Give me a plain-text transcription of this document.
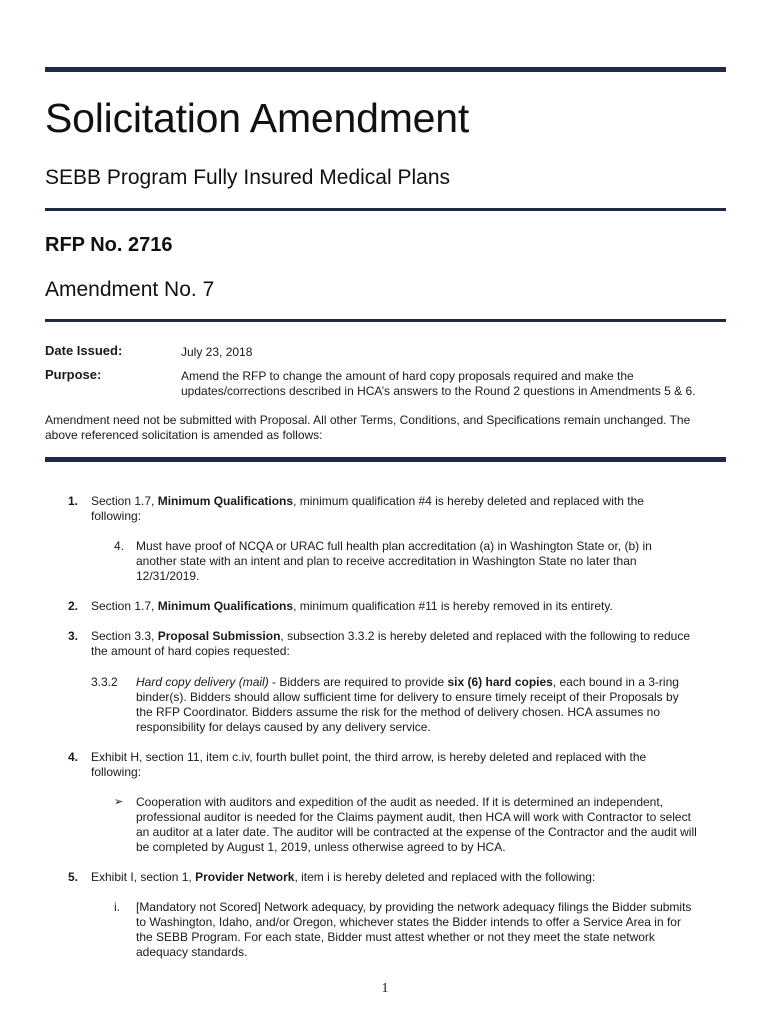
Solicitation Amendment
SEBB Program Fully Insured Medical Plans
RFP No. 2716
Amendment No. 7
Date Issued:	July 23, 2018
Purpose:	Amend the RFP to change the amount of hard copy proposals required and make the
updates/corrections described in HCA’s answers to the Round 2 questions in Amendments 5 & 6.
Amendment need not be submitted with Proposal. All other Terms, Conditions, and Specifications remain unchanged. The
above referenced solicitation is amended as follows:
1. Section 1.7, Minimum Qualifications, minimum qualification #4 is hereby deleted and replaced with the
following:
4. Must have proof of NCQA or URAC full health plan accreditation (a) in Washington State or, (b) in
another state with an intent and plan to receive accreditation in Washington State no later than
12/31/2019.
2. Section 1.7, Minimum Qualifications, minimum qualification #11 is hereby removed in its entirety.
3. Section 3.3, Proposal Submission, subsection 3.3.2 is hereby deleted and replaced with the following to reduce
the amount of hard copies requested:
3.3.2 Hard copy delivery (mail) - Bidders are required to provide six (6) hard copies, each bound in a 3-ring
binder(s). Bidders should allow sufficient time for delivery to ensure timely receipt of their Proposals by
the RFP Coordinator. Bidders assume the risk for the method of delivery chosen. HCA assumes no
responsibility for delays caused by any delivery service.
4. Exhibit H, section 11, item c.iv, fourth bullet point, the third arrow, is hereby deleted and replaced with the
following:
➢ Cooperation with auditors and expedition of the audit as needed. If it is determined an independent,
professional auditor is needed for the Claims payment audit, then HCA will work with Contractor to select
an auditor at a later date. The auditor will be contracted at the expense of the Contractor and the audit will
be completed by August 1, 2019, unless otherwise agreed to by HCA.
5. Exhibit I, section 1, Provider Network, item i is hereby deleted and replaced with the following:
i. [Mandatory not Scored] Network adequacy, by providing the network adequacy filings the Bidder submits
to Washington, Idaho, and/or Oregon, whichever states the Bidder intends to offer a Service Area in for
the SEBB Program. For each state, Bidder must attest whether or not they meet the state network
adequacy standards.
1
